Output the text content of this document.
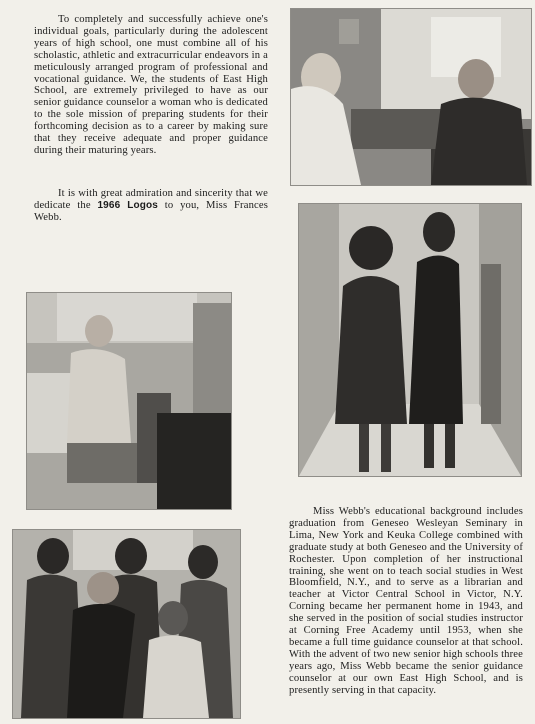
To completely and successfully achieve one's individual goals, particularly during the adolescent years of high school, one must combine all of his scholastic, athletic and extracurricular endeavors in a meticulously arranged program of professional and vocational guidance. We, the students of East High School, are extremely privileged to have as our senior guidance counselor a woman who is dedicated to the sole mission of preparing students for their forthcoming decision as to a career by making sure that they receive adequate and proper guidance during their maturing years.

It is with great admiration and sincerity that we dedicate the 1966 Logos to you, Miss Frances Webb.

Miss Webb's educational background includes graduation from Geneseo Wesleyan Seminary in Lima, New York and Keuka College combined with graduate study at both Geneseo and the University of Rochester. Upon completion of her instructional training, she went on to teach social studies in West Bloomfield, N.Y., and to serve as a librarian and teacher at Victor Central School in Victor, N.Y. Corning became her permanent home in 1943, and she served in the position of social studies instructor at Corning Free Academy until 1953, when she became a full time guidance counselor at that school. With the advent of two new senior high schools three years ago, Miss Webb became the senior guidance counselor at our own East High School, and is presently serving in that capacity.
